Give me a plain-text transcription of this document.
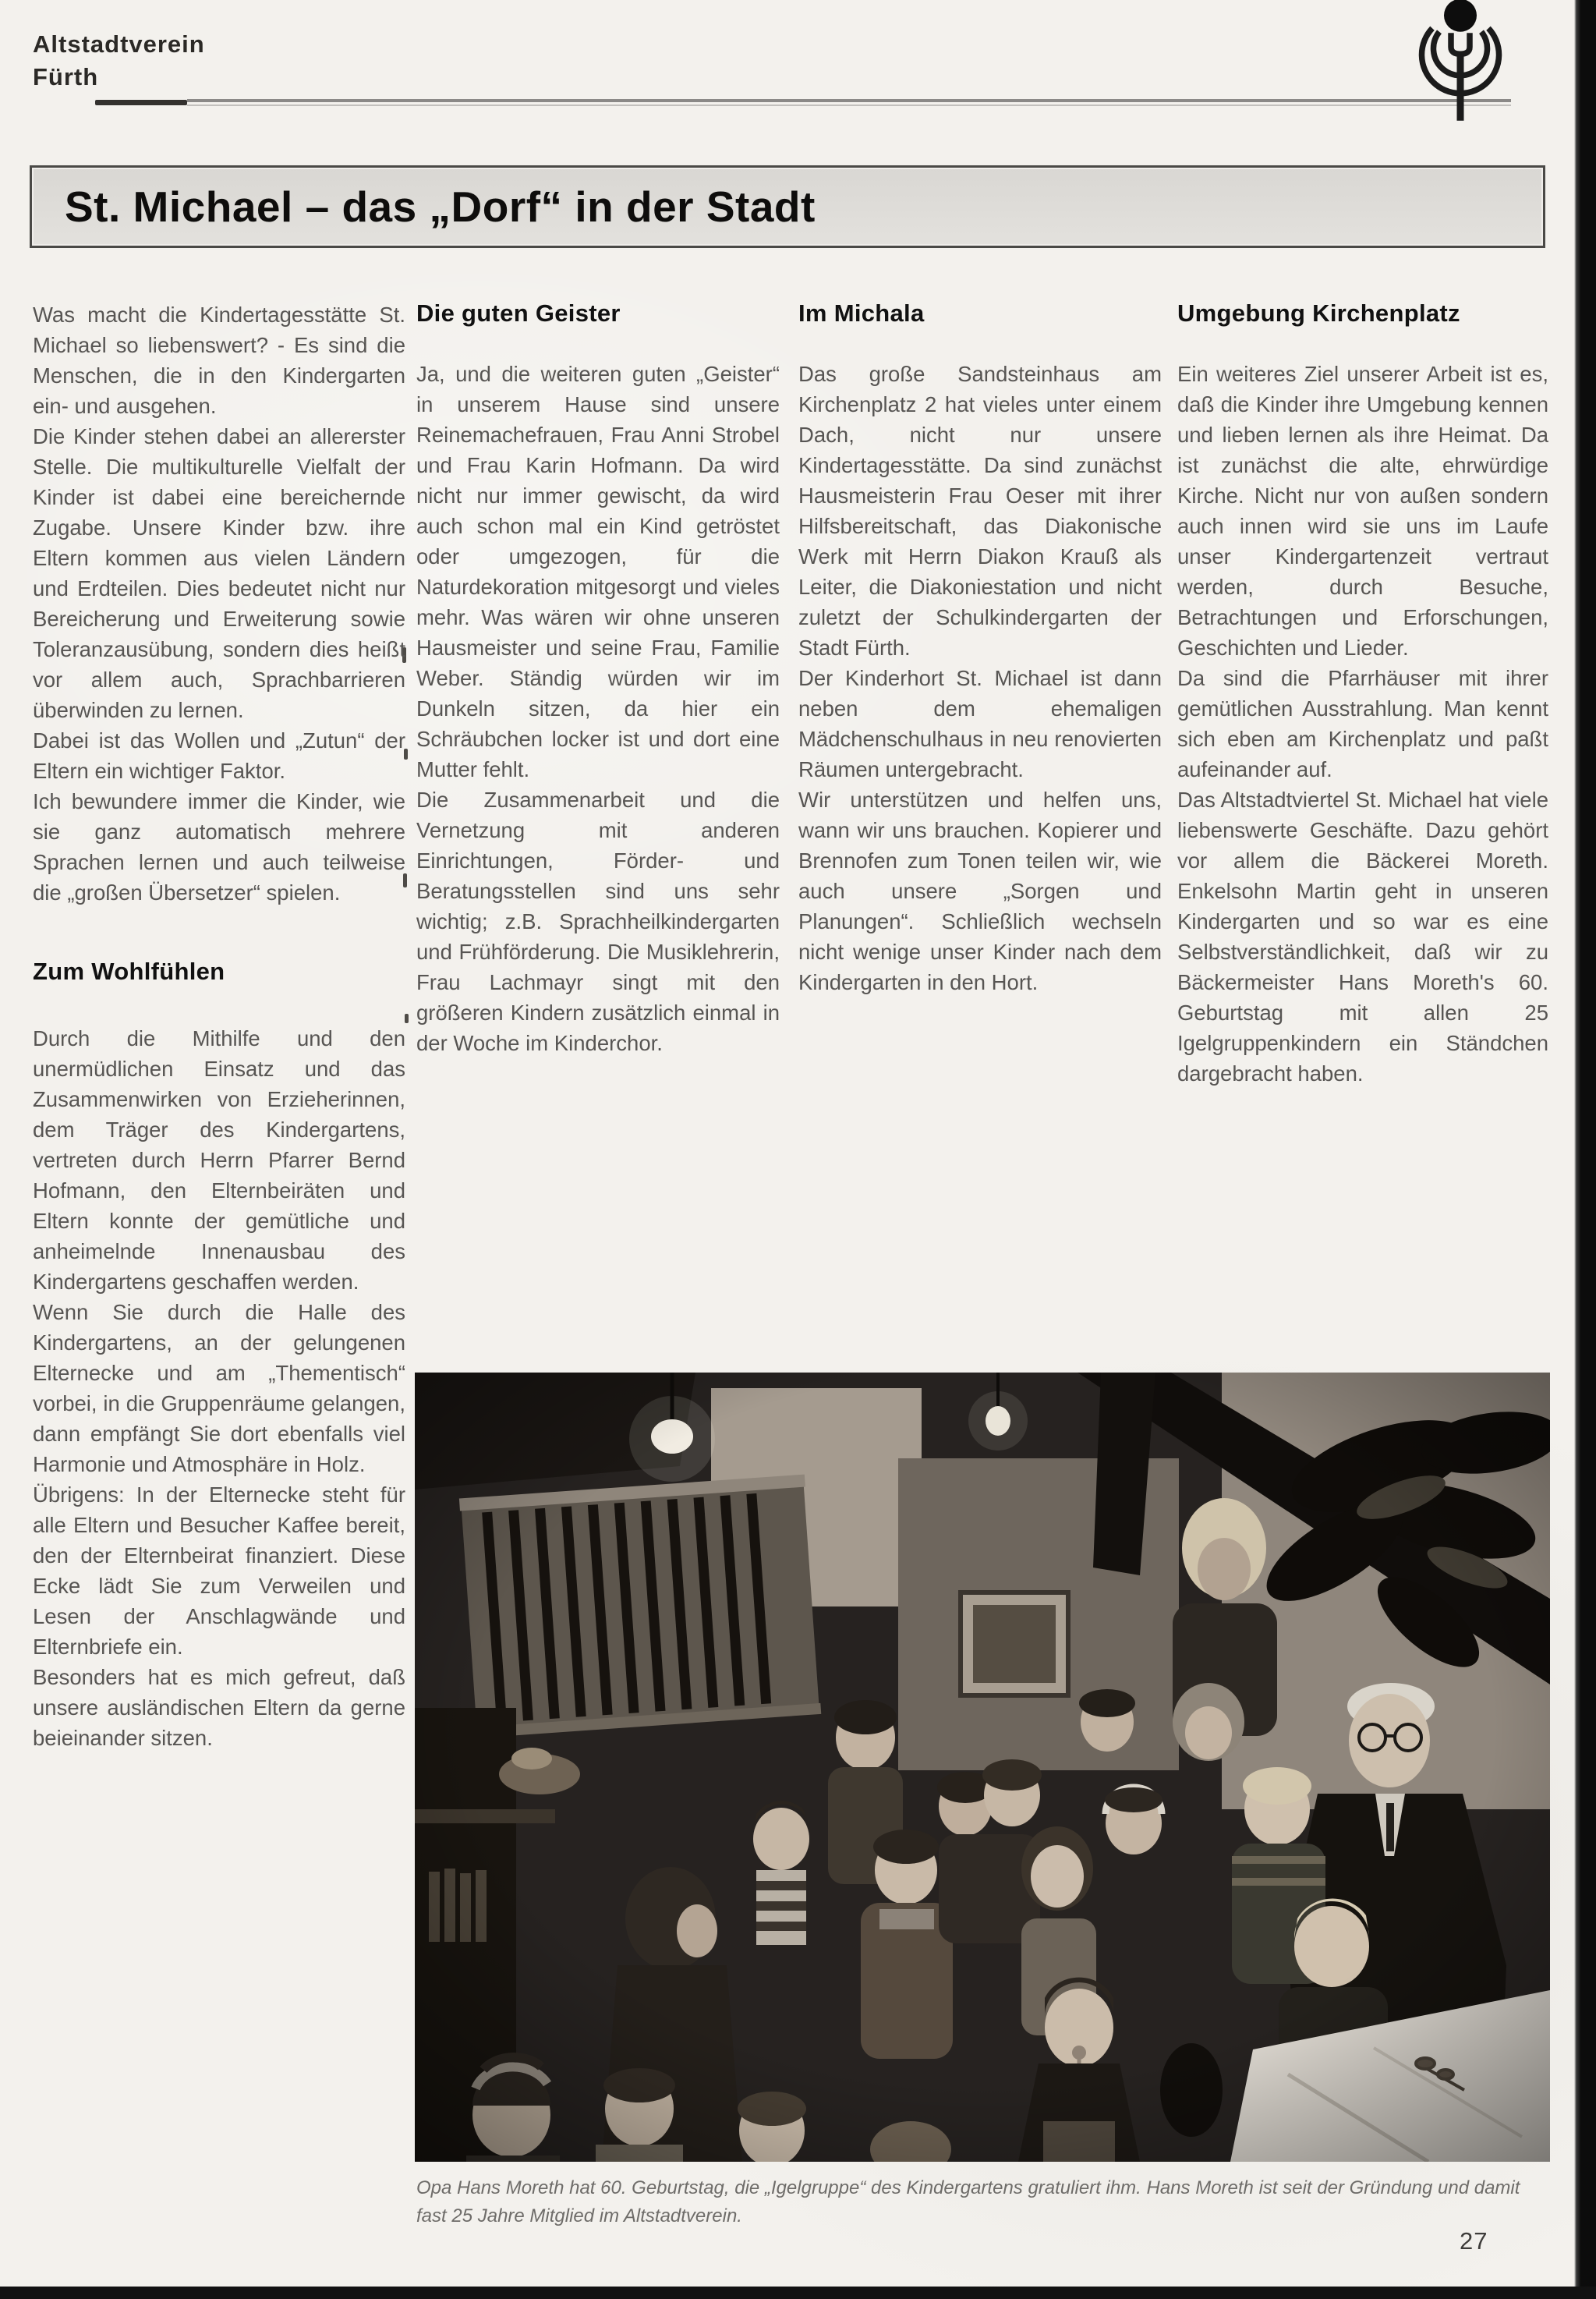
Altstadtverein
Fürth
St. Michael – das „Dorf“ in der Stadt

Was macht die Kindertagesstätte St. Michael so liebenswert? - Es sind die Menschen, die in den Kindergarten ein- und ausgehen.

Die Kinder stehen dabei an allererster Stelle. Die multikulturelle Vielfalt der Kinder ist dabei eine bereichernde Zugabe. Unsere Kinder bzw. ihre Eltern kommen aus vielen Ländern und Erdteilen. Dies bedeutet nicht nur Bereicherung und Erweiterung sowie Toleranzausübung, sondern dies heißt vor allem auch, Sprachbarrieren überwinden zu lernen.

Dabei ist das Wollen und „Zutun“ der Eltern ein wichtiger Faktor.

Ich bewundere immer die Kinder, wie sie ganz automatisch mehrere Sprachen lernen und auch teilweise die „großen Übersetzer“ spielen.

Zum Wohlfühlen

Durch die Mithilfe und den unermüdlichen Einsatz und das Zusammenwirken von Erzieherinnen, dem Träger des Kindergartens, vertreten durch Herrn Pfarrer Bernd Hofmann, den Elternbeiräten und Eltern konnte der gemütliche und anheimelnde Innenausbau des Kindergartens geschaffen werden.

Wenn Sie durch die Halle des Kindergartens, an der gelungenen Elternecke und am „Thementisch“ vorbei, in die Gruppenräume gelangen, dann empfängt Sie dort ebenfalls viel Harmonie und Atmosphäre in Holz.

Übrigens: In der Elternecke steht für alle Eltern und Besucher Kaffee bereit, den der Elternbeirat finanziert. Diese Ecke lädt Sie zum Verweilen und Lesen der Anschlagwände und Elternbriefe ein.

Besonders hat es mich gefreut, daß unsere ausländischen Eltern da gerne beieinander sitzen.

Die guten Geister

Ja, und die weiteren guten „Geister“ in unserem Hause sind unsere Reinemachefrauen, Frau Anni Strobel und Frau Karin Hofmann. Da wird nicht nur immer gewischt, da wird auch schon mal ein Kind getröstet oder umgezogen, für die Naturdekoration mitgesorgt und vieles mehr. Was wären wir ohne unseren Hausmeister und seine Frau, Familie Weber. Ständig würden wir im Dunkeln sitzen, da hier ein Schräubchen locker ist und dort eine Mutter fehlt.

Die Zusammenarbeit und die Vernetzung mit anderen Einrichtungen, Förder- und Beratungsstellen sind uns sehr wichtig; z.B. Sprachheilkindergarten und Frühförderung. Die Musiklehrerin, Frau Lachmayr singt mit den größeren Kindern zusätzlich einmal in der Woche im Kinderchor.

Im Michala

Das große Sandsteinhaus am Kirchenplatz 2 hat vieles unter einem Dach, nicht nur unsere Kindertagesstätte. Da sind zunächst Hausmeisterin Frau Oeser mit ihrer Hilfsbereitschaft, das Diakonische Werk mit Herrn Diakon Krauß als Leiter, die Diakoniestation und nicht zuletzt der Schulkindergarten der Stadt Fürth.

Der Kinderhort St. Michael ist dann neben dem ehemaligen Mädchenschulhaus in neu renovierten Räumen untergebracht.

Wir unterstützen und helfen uns, wann wir uns brauchen. Kopierer und Brennofen zum Tonen teilen wir, wie auch unsere „Sorgen und Planungen“. Schließlich wechseln nicht wenige unser Kinder nach dem Kindergarten in den Hort.

Umgebung Kirchenplatz

Ein weiteres Ziel unserer Arbeit ist es, daß die Kinder ihre Umgebung kennen und lieben lernen als ihre Heimat. Da ist zunächst die alte, ehrwürdige Kirche. Nicht nur von außen sondern auch innen wird sie uns im Laufe unser Kindergartenzeit vertraut werden, durch Besuche, Betrachtungen und Erforschungen, Geschichten und Lieder.

Da sind die Pfarrhäuser mit ihrer gemütlichen Ausstrahlung. Man kennt sich eben am Kirchenplatz und paßt aufeinander auf.

Das Altstadtviertel St. Michael hat viele liebenswerte Geschäfte. Dazu gehört vor allem die Bäckerei Moreth. Enkelsohn Martin geht in unseren Kindergarten und so war es eine Selbstverständlichkeit, daß wir zu Bäckermeister Hans Moreth's 60. Geburtstag mit allen 25 Igelgruppenkindern ein Ständchen dargebracht haben.

Opa Hans Moreth hat 60. Geburtstag, die „Igelgruppe“ des Kindergartens gratuliert ihm. Hans Moreth ist seit der Gründung und damit fast 25 Jahre Mitglied im Altstadtverein.
27
